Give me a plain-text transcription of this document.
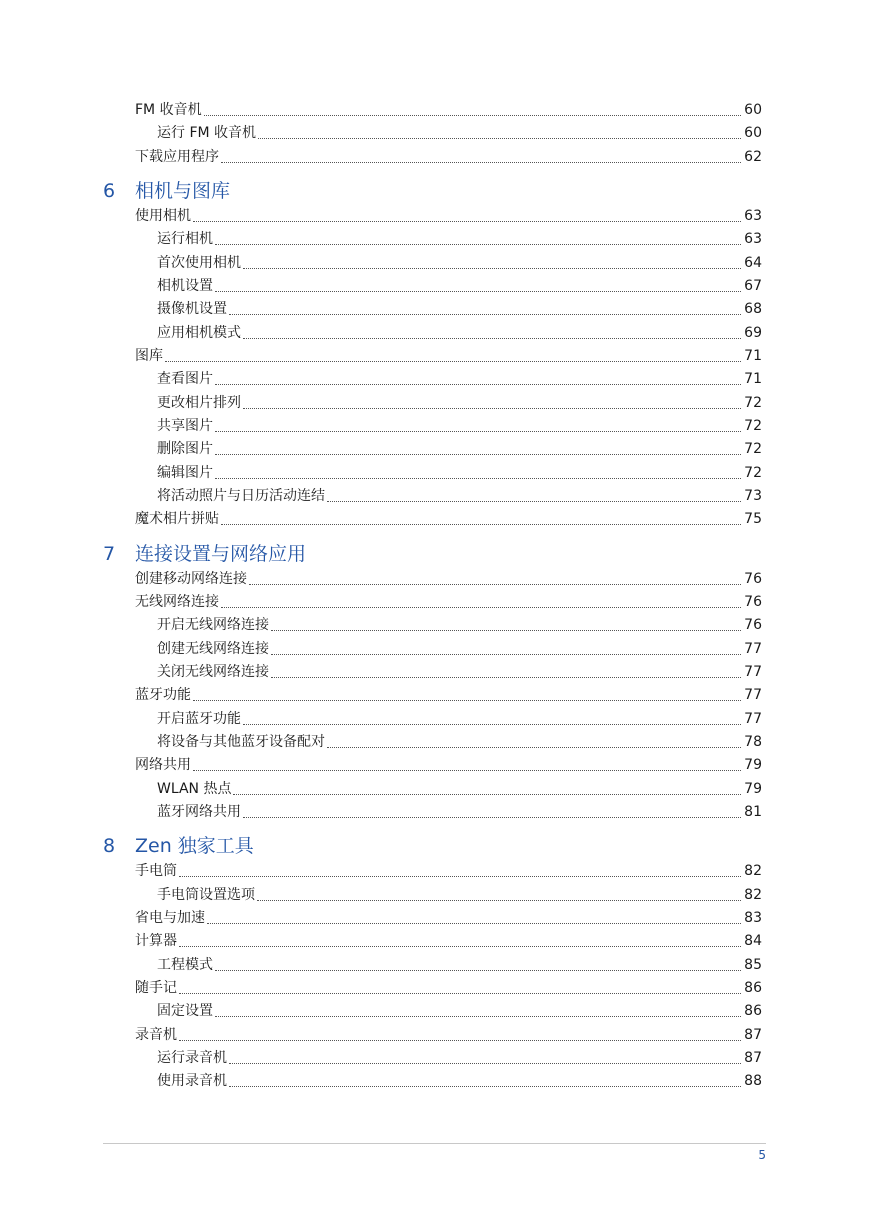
FM 收音机	60
运行 FM 收音机	60
下载应用程序	62
6 相机与图库
使用相机	63
运行相机	63
首次使用相机	64
相机设置	67
摄像机设置	68
应用相机模式	69
图库	71
查看图片	71
更改相片排列	72
共享图片	72
删除图片	72
编辑图片	72
将活动照片与日历活动连结	73
魔术相片拼贴	75
7 连接设置与网络应用
创建移动网络连接	76
无线网络连接	76
开启无线网络连接	76
创建无线网络连接	77
关闭无线网络连接	77
蓝牙功能	77
开启蓝牙功能	77
将设备与其他蓝牙设备配对	78
网络共用	79
WLAN 热点	79
蓝牙网络共用	81
8 Zen 独家工具
手电筒	82
手电筒设置选项	82
省电与加速	83
计算器	84
工程模式	85
随手记	86
固定设置	86
录音机	87
运行录音机	87
使用录音机	88
5
